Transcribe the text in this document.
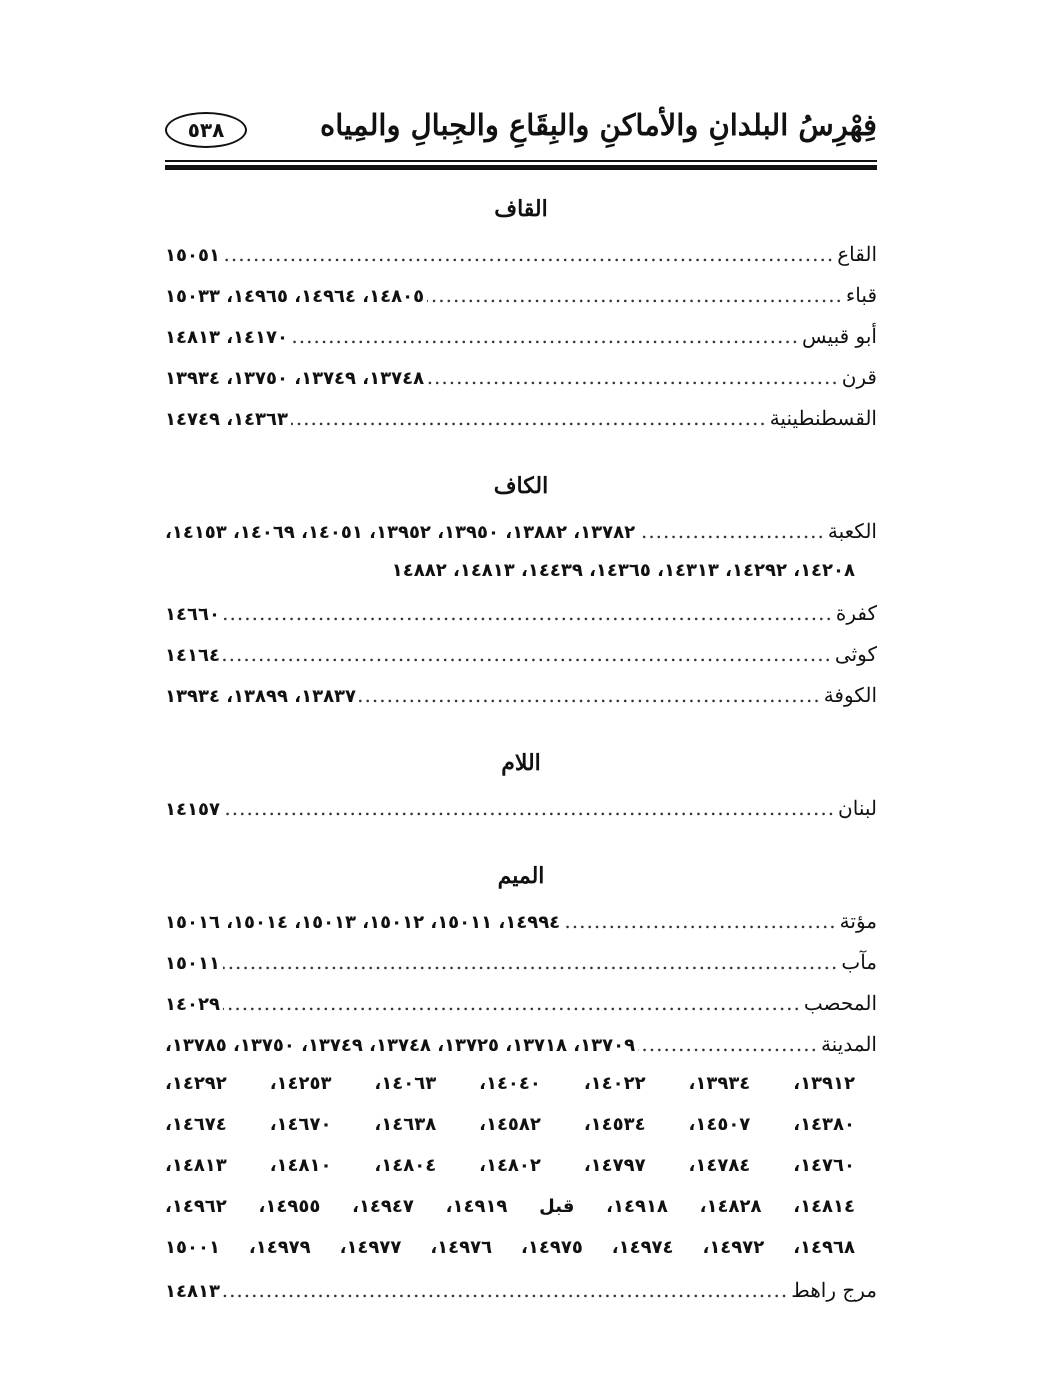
فِهْرِسُ البلدانِ والأماكنِ والبِقَاعِ والجِبالِ والمِياه
٥٣٨
القاف
القاع
.....
١٥٠٥١
قباء
.....
١٤٨٠٥، ١٤٩٦٤، ١٤٩٦٥، ١٥٠٣٣
أبو قبيس
.....
١٤١٧٠، ١٤٨١٣
قرن
.....
١٣٧٤٨، ١٣٧٤٩، ١٣٧٥٠، ١٣٩٣٤
القسطنطينية
.....
١٤٣٦٣، ١٤٧٤٩
الكاف
الكعبة
.....
١٣٧٨٢، ١٣٨٨٢، ١٣٩٥٠، ١٣٩٥٢، ١٤٠٥١، ١٤٠٦٩، ١٤١٥٣،
١٤٢٠٨، ١٤٢٩٢، ١٤٣١٣، ١٤٣٦٥، ١٤٤٣٩، ١٤٨١٣، ١٤٨٨٢
كفرة
.....
١٤٦٦٠
كوثى
.....
١٤١٦٤
الكوفة
.....
١٣٨٣٧، ١٣٨٩٩، ١٣٩٣٤
اللام
لبنان
.....
١٤١٥٧
الميم
مؤتة
.....
١٤٩٩٤، ١٥٠١١، ١٥٠١٢، ١٥٠١٣، ١٥٠١٤، ١٥٠١٦
مآب
.....
١٥٠١١
المحصب
.....
١٤٠٢٩
المدينة
.....
١٣٧٠٩، ١٣٧١٨، ١٣٧٢٥، ١٣٧٤٨، ١٣٧٤٩، ١٣٧٥٠، ١٣٧٨٥،
١٣٩١٢، ١٣٩٣٤، ١٤٠٢٢، ١٤٠٤٠، ١٤٠٦٣، ١٤٢٥٣، ١٤٢٩٢،
١٤٣٨٠، ١٤٥٠٧، ١٤٥٣٤، ١٤٥٨٢، ١٤٦٣٨، ١٤٦٧٠، ١٤٦٧٤،
١٤٧٦٠، ١٤٧٨٤، ١٤٧٩٧، ١٤٨٠٢، ١٤٨٠٤، ١٤٨١٠، ١٤٨١٣،
١٤٨١٤، ١٤٨٢٨، ١٤٩١٨، قبل ١٤٩١٩، ١٤٩٤٧، ١٤٩٥٥، ١٤٩٦٢،
١٤٩٦٨، ١٤٩٧٢، ١٤٩٧٤، ١٤٩٧٥، ١٤٩٧٦، ١٤٩٧٧، ١٤٩٧٩، ١٥٠٠١
مرج راهط
.....
١٤٨١٣
